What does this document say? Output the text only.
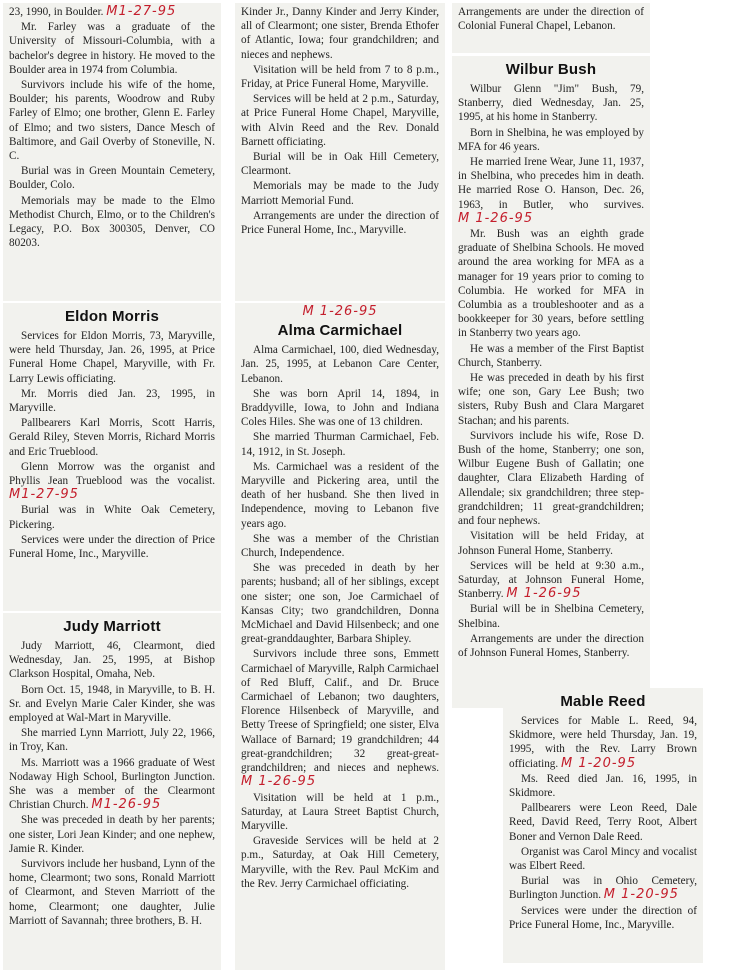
23, 1990, in Boulder. M1-27-95

Mr. Farley was a graduate of the University of Missouri-Columbia, with a bachelor's degree in history. He moved to the Boulder area in 1974 from Columbia.

Survivors include his wife of the home, Boulder; his parents, Woodrow and Ruby Farley of Elmo; one brother, Glenn E. Farley of Elmo; and two sisters, Dance Mesch of Baltimore, and Gail Overby of Stoneville, N. C.

Burial was in Green Mountain Cemetery, Boulder, Colo.

Memorials may be made to the Elmo Methodist Church, Elmo, or to the Children's Legacy, P.O. Box 300305, Denver, CO 80203.

Eldon Morris

Services for Eldon Morris, 73, Maryville, were held Thursday, Jan. 26, 1995, at Price Funeral Home Chapel, Maryville, with Fr. Larry Lewis officiating.

Mr. Morris died Jan. 23, 1995, in Maryville.

Pallbearers Karl Morris, Scott Harris, Gerald Riley, Steven Morris, Richard Morris and Eric Trueblood.

Glenn Morrow was the organist and Phyllis Jean Trueblood was the vocalist. M1-27-95

Burial was in White Oak Cemetery, Pickering.

Services were under the direction of Price Funeral Home, Inc., Maryville.

Judy Marriott

Judy Marriott, 46, Clearmont, died Wednesday, Jan. 25, 1995, at Bishop Clarkson Hospital, Omaha, Neb.

Born Oct. 15, 1948, in Maryville, to B. H. Sr. and Evelyn Marie Caler Kinder, she was employed at Wal-Mart in Maryville.

She married Lynn Marriott, July 22, 1966, in Troy, Kan.

Ms. Marriott was a 1966 graduate of West Nodaway High School, Burlington Junction. She was a member of the Clearmont Christian Church. M1-26-95

She was preceded in death by her parents; one sister, Lori Jean Kinder; and one nephew, Jamie R. Kinder.

Survivors include her husband, Lynn of the home, Clearmont; two sons, Ronald Marriott of Clearmont, and Steven Marriott of the home, Clearmont; one daughter, Julie Marriott of Savannah; three brothers, B. H.

Kinder Jr., Danny Kinder and Jerry Kinder, all of Clearmont; one sister, Brenda Ethofer of Atlantic, Iowa; four grandchildren; and nieces and nephews.

Visitation will be held from 7 to 8 p.m., Friday, at Price Funeral Home, Maryville.

Services will be held at 2 p.m., Saturday, at Price Funeral Home Chapel, Maryville, with Alvin Reed and the Rev. Donald Barnett officiating.

Burial will be in Oak Hill Cemetery, Clearmont.

Memorials may be made to the Judy Marriott Memorial Fund.

Arrangements are under the direction of Price Funeral Home, Inc., Maryville.

M 1-26-95

Alma Carmichael

Alma Carmichael, 100, died Wednesday, Jan. 25, 1995, at Lebanon Care Center, Lebanon.

She was born April 14, 1894, in Braddyville, Iowa, to John and Indiana Coles Hiles. She was one of 13 children.

She married Thurman Carmichael, Feb. 14, 1912, in St. Joseph.

Ms. Carmichael was a resident of the Maryville and Pickering area, until the death of her husband. She then lived in Independence, moving to Lebanon five years ago.

She was a member of the Christian Church, Independence.

She was preceded in death by her parents; husband; all of her siblings, except one sister; one son, Joe Carmichael of Kansas City; two grandchildren, Donna McMichael and David Hilsenbeck; and one great-granddaughter, Barbara Shipley.

Survivors include three sons, Emmett Carmichael of Maryville, Ralph Carmichael of Red Bluff, Calif., and Dr. Bruce Carmichael of Lebanon; two daughters, Florence Hilsenbeck of Maryville, and Betty Treese of Springfield; one sister, Elva Wallace of Barnard; 19 grandchildren; 44 great-grandchildren; 32 great-great-grandchildren; and nieces and nephews. M 1-26-95

Visitation will be held at 1 p.m., Saturday, at Laura Street Baptist Church, Maryville.

Graveside Services will be held at 2 p.m., Saturday, at Oak Hill Cemetery, Maryville, with the Rev. Paul McKim and the Rev. Jerry Carmichael officiating.

Arrangements are under the direction of Colonial Funeral Chapel, Lebanon.

Wilbur Bush

Wilbur Glenn "Jim" Bush, 79, Stanberry, died Wednesday, Jan. 25, 1995, at his home in Stanberry.

Born in Shelbina, he was employed by MFA for 46 years.

He married Irene Wear, June 11, 1937, in Shelbina, who precedes him in death. He married Rose O. Hanson, Dec. 26, 1963, in Butler, who survives. M 1-26-95

Mr. Bush was an eighth grade graduate of Shelbina Schools. He moved around the area working for MFA as a manager for 19 years prior to coming to Columbia. He worked for MFA in Columbia as a troubleshooter and as a bookkeeper for 30 years, before settling in Stanberry two years ago.

He was a member of the First Baptist Church, Stanberry.

He was preceded in death by his first wife; one son, Gary Lee Bush; two sisters, Ruby Bush and Clara Margaret Stachan; and his parents.

Survivors include his wife, Rose D. Bush of the home, Stanberry; one son, Wilbur Eugene Bush of Gallatin; one daughter, Clara Elizabeth Harding of Allendale; six grandchildren; three step-grandchildren; 11 great-grandchildren; and four nephews.

Visitation will be held Friday, at Johnson Funeral Home, Stanberry.

Services will be held at 9:30 a.m., Saturday, at Johnson Funeral Home, Stanberry. M 1-26-95

Burial will be in Shelbina Cemetery, Shelbina.

Arrangements are under the direction of Johnson Funeral Homes, Stanberry.

Mable Reed

Services for Mable L. Reed, 94, Skidmore, were held Thursday, Jan. 19, 1995, with the Rev. Larry Brown officiating. M 1-20-95

Ms. Reed died Jan. 16, 1995, in Skidmore.

Pallbearers were Leon Reed, Dale Reed, David Reed, Terry Root, Albert Boner and Vernon Dale Reed.

Organist was Carol Mincy and vocalist was Elbert Reed.

Burial was in Ohio Cemetery, Burlington Junction. M 1-20-95

Services were under the direction of Price Funeral Home, Inc., Maryville.
